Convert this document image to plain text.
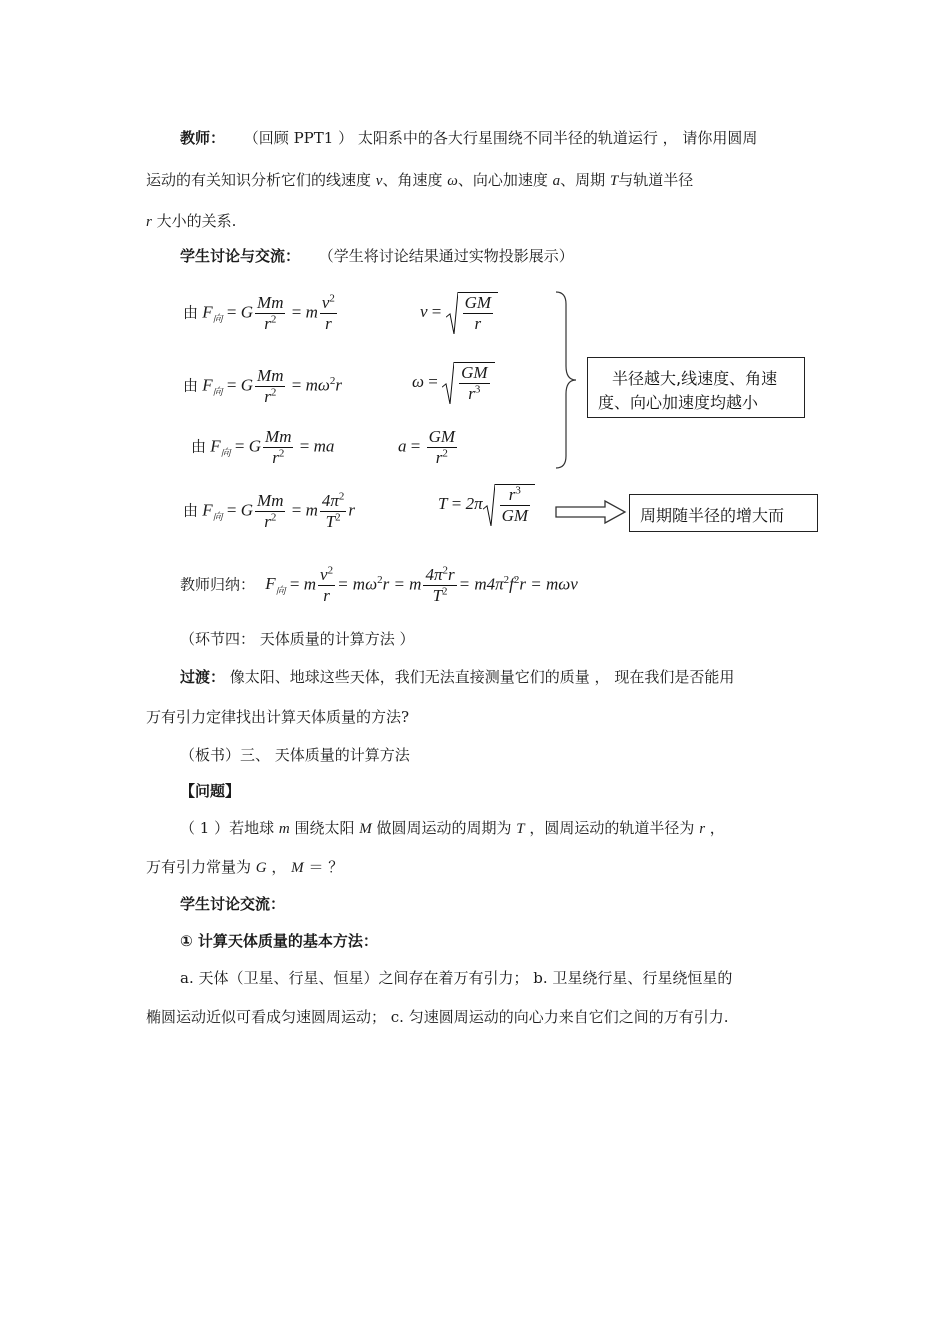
教师： （回顾 PPT1 ） 太阳系中的各大行星围绕不同半径的轨道运行 ， 请你用圆周
运动的有关知识分析它们的线速度 v、角速度 ω、向心加速度 a、周期 T与轨道半径
r 大小的关系.
学生讨论与交流： （学生将讨论结果通过实物投影展示）
由 $F_向 = G \frac{Mm}{r^2} = m \frac{v^2}{r}$	$v = \frac{GM}{r}$
由 $F_向 = G \frac{Mm}{r^2} = m\omega^2r$	$\omega = \frac{GM}{r^3}$
由 $F_向 = G \frac{Mm}{r^2}$ = ma	$a = \frac{GM}{r^2}$
半径越大,线速度、角速
度、向心加速度均越小
由 $F_向 = G \frac{Mm}{r^2} = m \frac{4\pi^2}{T^2}$ r	$T = 2\pi \frac{r^3}{GM}$	周期随半径的增大而
教师归纳： $F_向 = m \frac{v^2}{r} = m\omega^2r = m \frac{4\pi^2r}{T^2} = m4\pi^2f^2r = m\omega v$
（环节四： 天体质量的计算方法 ）
过渡： 像太阳、地球这些天体，我们无法直接测量它们的质量 ， 现在我们是否能用
万有引力定律找出计算天体质量的方法?
（板书）三、 天体质量的计算方法
【问题】
（ 1 ）若地球 m 围绕太阳 M 做圆周运动的周期为 T ，圆周运动的轨道半径为 r ，
万有引力常量为 G ， M ＝ ？
学生讨论交流：
① 计算天体质量的基本方法：
a. 天体（卫星、行星、恒星）之间存在着万有引力； b. 卫星绕行星、行星绕恒星的
椭圆运动近似可看成匀速圆周运动； c. 匀速圆周运动的向心力来自它们之间的万有引力.
